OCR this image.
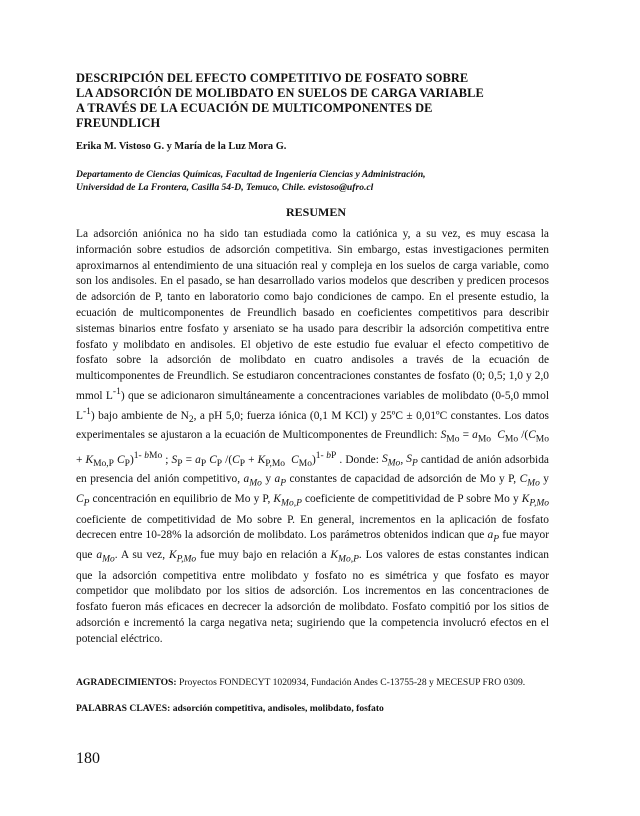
DESCRIPCIÓN DEL EFECTO COMPETITIVO DE FOSFATO SOBRE
LA ADSORCIÓN DE MOLIBDATO EN SUELOS DE CARGA VARIABLE
A TRAVÉS DE LA ECUACIÓN DE MULTICOMPONENTES DE
FREUNDLICH
Erika M. Vistoso G. y María de la Luz Mora G.
Departamento de Ciencias Químicas, Facultad de Ingeniería Ciencias y Administración,
Universidad de La Frontera, Casilla 54-D, Temuco, Chile. evistoso@ufro.cl
RESUMEN
La adsorción aniónica no ha sido tan estudiada como la catiónica y, a su vez, es muy escasa la información sobre estudios de adsorción competitiva. Sin embargo, estas investigaciones permiten aproximarnos al entendimiento de una situación real y compleja en los suelos de carga variable, como son los andisoles. En el pasado, se han desarrollado varios modelos que describen y predicen procesos de adsorción de P, tanto en laboratorio como bajo condiciones de campo. En el presente estudio, la ecuación de multicomponentes de Freundlich basado en coeficientes competitivos para describir sistemas binarios entre fosfato y arseniato se ha usado para describir la adsorción competitiva entre fosfato y molibdato en andisoles. El objetivo de este estudio fue evaluar el efecto competitivo de fosfato sobre la adsorción de molibdato en cuatro andisoles a través de la ecuación de multicomponentes de Freundlich. Se estudiaron concentraciones constantes de fosfato (0; 0,5; 1,0 y 2,0 mmol $L^{-1}$) que se adicionaron simultáneamente a concentraciones variables de molibdato (0-5,0 mmol $L^{-1}$) bajo ambiente de $N_2$, a pH 5,0; fuerza iónica (0,1 M KCl) y 25ºC ± 0,01ºC constantes. Los datos experimentales se ajustaron a la ecuación de Multicomponentes de Freundlich: $S_{Mo} = a_{Mo}$ $C_{Mo}$ $/(C_{Mo} + K_{Mo,P}$ $C_P)^{1- bMo}$ ; $S_P = a_P$ $C_P$ $/(C_P + K_{P,Mo}$ $C_{Mo})^{1- bP}$ . Donde: $S_{Mo}$, $S_P$ cantidad de anión adsorbida en presencia del anión competitivo, $a_{Mo}$ y $a_P$ constantes de capacidad de adsorción de Mo y P, $C_{Mo}$ y $C_P$ concentración en equilibrio de Mo y P, $K_{Mo,P}$ coeficiente de competitividad de P sobre Mo y $K_{P,Mo}$ coeficiente de competitividad de Mo sobre P. En general, incrementos en la aplicación de fosfato decrecen entre 10-28% la adsorción de molibdato. Los parámetros obtenidos indican que $a_P$ fue mayor que $a_{Mo}$. A su vez, $K_{P,Mo}$ fue muy bajo en relación a $K_{Mo,P}$. Los valores de estas constantes indican que la adsorción competitiva entre molibdato y fosfato no es simétrica y que fosfato es mayor competidor que molibdato por los sitios de adsorción. Los incrementos en las concentraciones de fosfato fueron más eficaces en decrecer la adsorción de molibdato. Fosfato compitió por los sitios de adsorción e incrementó la carga negativa neta; sugiriendo que la competencia involucró efectos en el potencial eléctrico.
AGRADECIMIENTOS: Proyectos FONDECYT 1020934, Fundación Andes C-13755-28 y MECESUP FRO 0309.
PALABRAS CLAVES: adsorción competitiva, andisoles, molibdato, fosfato
180
